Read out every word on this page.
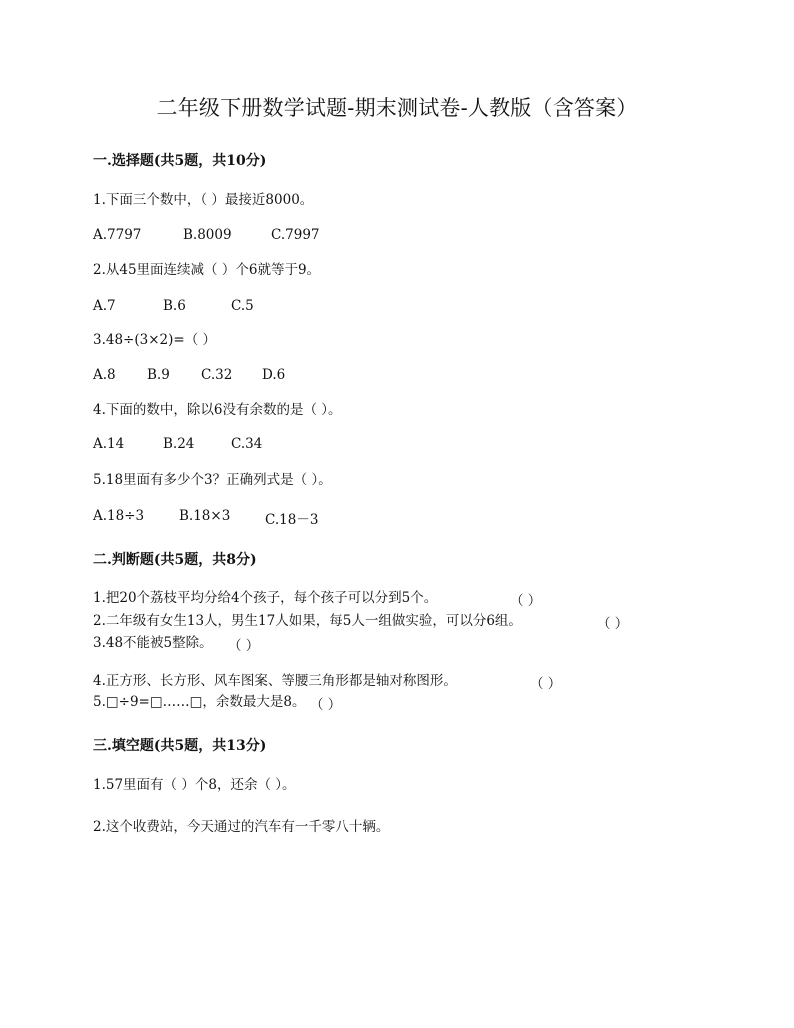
二年级下册数学试题-期末测试卷-人教版（含答案）
一.选择题(共5题，共10分)
1.下面三个数中，（ ）最接近8000。
A.7797	B.8009	C.7997
2.从45里面连续减（ ）个6就等于9。
A.7	B.6	C.5
3.48÷(3×2)=（ ）
A.8 B.9 C.32 D.6
4.下面的数中，除以6没有余数的是（ ）。
A.14	B.24	C.34
5.18里面有多少个3？正确列式是（ ）。
A.18÷3	B.18×3	C.18－3
二.判断题(共5题，共8分)
1.把20个荔枝平均分给4个孩子，每个孩子可以分到5个。	（ ）
2.二年级有女生13人，男生17人如果，每5人一组做实验，可以分6组。	（ ）
3.48不能被5整除。 （ ）
4.正方形、长方形、风车图案、等腰三角形都是轴对称图形。	（ ）
5.□÷9=□……□，余数最大是8。 （ ）
三.填空题(共5题，共13分)
1.57里面有（ ）个8，还余（ ）。
2.这个收费站，今天通过的汽车有一千零八十辆。
